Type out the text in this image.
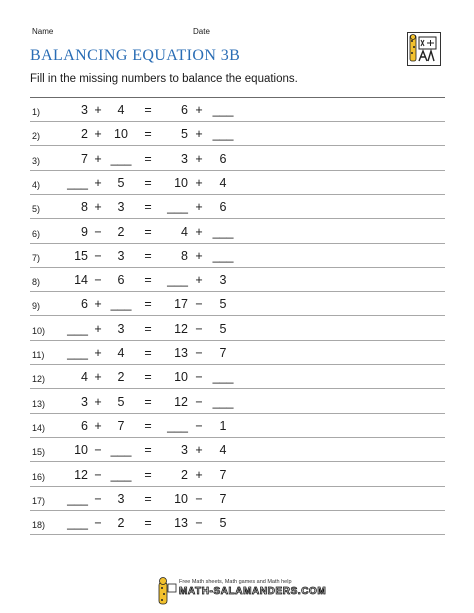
Name	Date
BALANCING EQUATION 3B
Fill in the missing numbers to balance the equations.
1)	3 +	4	=	6 + ___
2)	2 + 10	=	5 + ___
3)	7 + ___ =	3 +	6
4)	___ +	5	=	10 +	4
5)	8 +	3	=	___ +	6
6)	9 −	2	=	4 + ___
7)	15 −	3	=	8 + ___
8)	14 −	6	=	___ +	3
9)	6 + ___ =	17 −	5
10)	___ +	3	=	12 −	5
11)	___ +	4	=	13 −	7
12)	4 +	2	=	10 − ___
13)	3 +	5	=	12 − ___
14)	6 +	7	=	___ −	1
15)	10 − ___ =	3 +	4
16)	12 − ___ =	2 +	7
17)	___ −	3	=	10 −	7
18)	___ −	2	=	13 −	5
Free Math sheets, Math games and Math help
MATH-SALAMANDERS.COM
